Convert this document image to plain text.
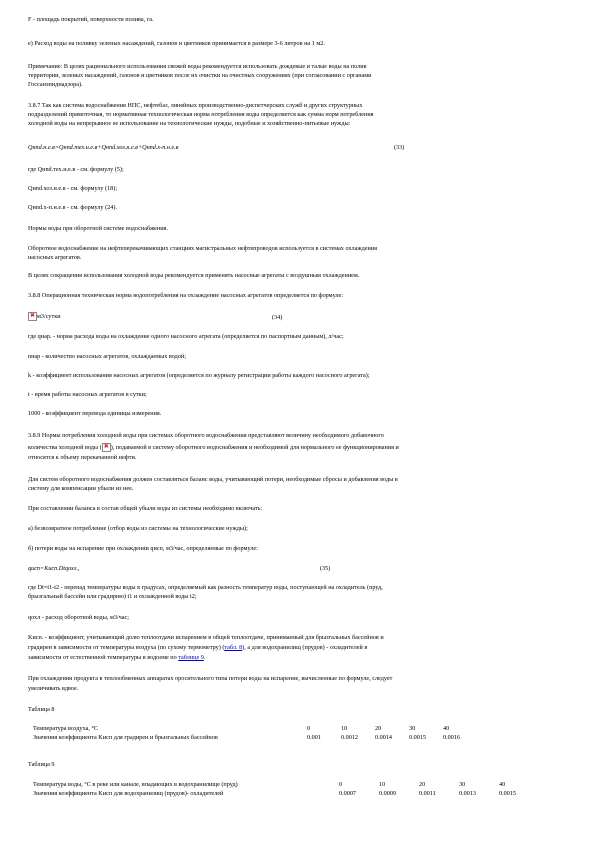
F - площадь покрытий, поверхности полива, га.
e) Расход воды на поливку зеленых насаждений, газонов и цветников принимается в размере 3-6 литров на 1 м2.
Примечание: В целях рационального использования свежей воды рекомендуется использовать дождевые и талые воды на полив
территории, зеленых насаждений, газонов и цветников после их очистки на очистных сооружениях (при согласовании с органами
Госсанэпиднадзора).
3.8.7 Так как система водоснабжения НПС, нефтебаз, линейных производственно-диспетчерских служб и других структурных
подразделений прямоточная, то нормативная технологическая норма потребления воды определяется как сумма норм потребления
холодной воды на непрерывное ее использование на технологические нужды, подобные и хозяйственно-питьевые нужды:
Qнnd.н.е.в=Qнnd.тех.н.е.в+Qнnd.хоз.н.е.в+Qнnd.х-п.н.е.в	(33)
где Qнnd.тех.н.е.в - см. формулу (5);
Qнnd.хоз.н.е.в - см. формулу (18);
Qнnd.х-п.н.е.в - см. формулу (24).
Нормы воды при оборотной системе водоснабжения.
Оборотное водоснабжение на нефтеперекачивающих станциях магистральных нефтепроводов используется в системах охлаждения
насосных агрегатов.
В целях сокращения использования холодной воды рекомендуется применять насосные агрегаты с воздушным охлаждением.
3.8.8 Операционная техническая норма водопотребления на охлаждение насосных агрегатов определяется по формуле:
✖м3/сутки	(34)
где qнар. - норма расхода воды на охлаждение одного насосного агрегата (определяется по паспортным данным), л/час;
nнар - количество насосных агрегатов, охлаждаемых водой;
k - коэффициент использования насосных агрегатов (определяется по журналу регистрации работы каждого насосного агрегата);
t - время работы насосных агрегатов в сутки;
1000 - коэффициент перевода единицы измерения.
3.8.9 Нормы потребления холодной воды при системах оборотного водоснабжения представляют величину необходимого добавочного
количества холодной воды ( ✖ ), подаваемой в систему оборотного водоснабжения и необходимой для нормального ее функционирования и
относятся к объему перекачанной нефти.
Для систем оборотного водоснабжения должен составляться баланс воды, учитывающий потери, необходимые сбросы и добавления воды в
систему для компенсации убыли из нее.
При составлении баланса в состав общей убыли воды из системы необходимо включать:
а) безвозвратное потребление (отбор воды из системы на технологические нужды);
б) потери воды на испарение при охлаждении qисп, м3/час, определяемые по формуле:
qисп=Kисп.Dtqохл.,	(35)
где Dt=t1-t2 - перепад температуры воды в градусах, определяемый как разность температур воды, поступающей на охладитель (пруд,
брызгальный бассейн или градирню) t1 и охлажденной воды t2;
qохл - расход оборотной воды, м3/час;
Kисп. - коэффициент, учитывающий долю теплоотдачи испарением в общей теплоотдаче, принимаемый для брызгальных бассейнов и
градирен в зависимости от температуры воздуха (по сухому термометру) (табл. 8), а для водохранилищ (прудов) - охладителей в
зависимости от естественной температуры в водоеме по таблице 9.
При охлаждении продукта в теплообменных аппаратах оросительного типа потери воды на испарение, вычисленные по формуле, следует
увеличивать вдвое.
Таблица 8
Температура воздуха, °C	0	10	20	30	40
Значения коэффициента Kисп для градирен и брызгальных бассейнов	0.001	0.0012	0.0014	0.0015	0.0016
Таблица 9
Температура воды, °C в реке или канале, впадающих в водохранилище (пруд)	0	10	20	30	40
Значения коэффициента Kисп для водохранилищ (прудов)- охладителей	0.0007	0.0009	0.0011	0.0013	0.0015
